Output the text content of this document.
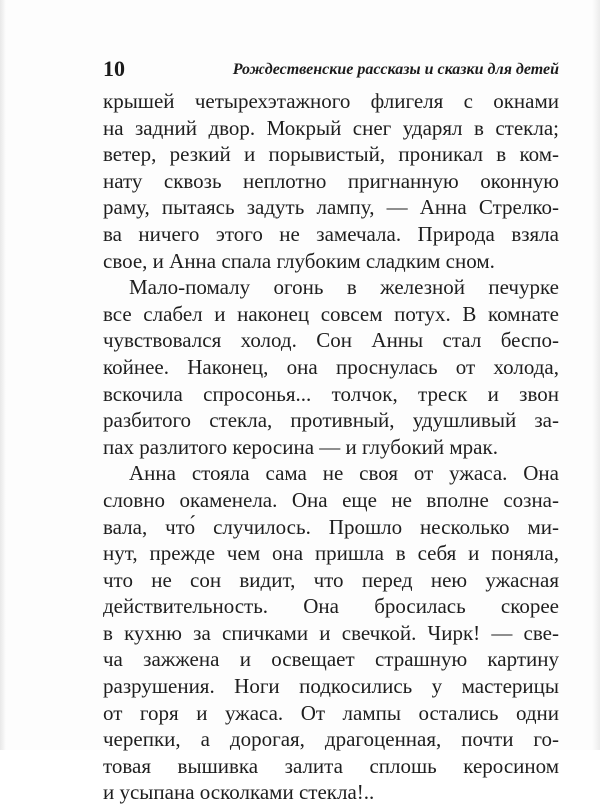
10	Рождественские рассказы и сказки для детей
крышей четырехэтажного флигеля с окнами
на задний двор. Мокрый снег ударял в стекла;
ветер, резкий и порывистый, проникал в ком-
нату сквозь неплотно пригнанную оконную
раму, пытаясь задуть лампу, — Анна Стрелко-
ва ничего этого не замечала. Природа взяла
свое, и Анна спала глубоким сладким сном.
Мало-помалу огонь в железной печурке
все слабел и наконец совсем потух. В комнате
чувствовался холод. Сон Анны стал беспо-
койнее. Наконец, она проснулась от холода,
вскочила спросонья... толчок, треск и звон
разбитого стекла, противный, удушливый за-
пах разлитого керосина — и глубокий мрак.
Анна стояла сама не своя от ужаса. Она
словно окаменела. Она еще не вполне созна-
вала, что́ случилось. Прошло несколько ми-
нут, прежде чем она пришла в себя и поняла,
что не сон видит, что перед нею ужасная
действительность. Она бросилась скорее
в кухню за спичками и свечкой. Чирк! — све-
ча зажжена и освещает страшную картину
разрушения. Ноги подкосились у мастерицы
от горя и ужаса. От лампы остались одни
черепки, а дорогая, драгоценная, почти го-
товая вышивка залита сплошь керосином
и усыпана осколками стекла!..
